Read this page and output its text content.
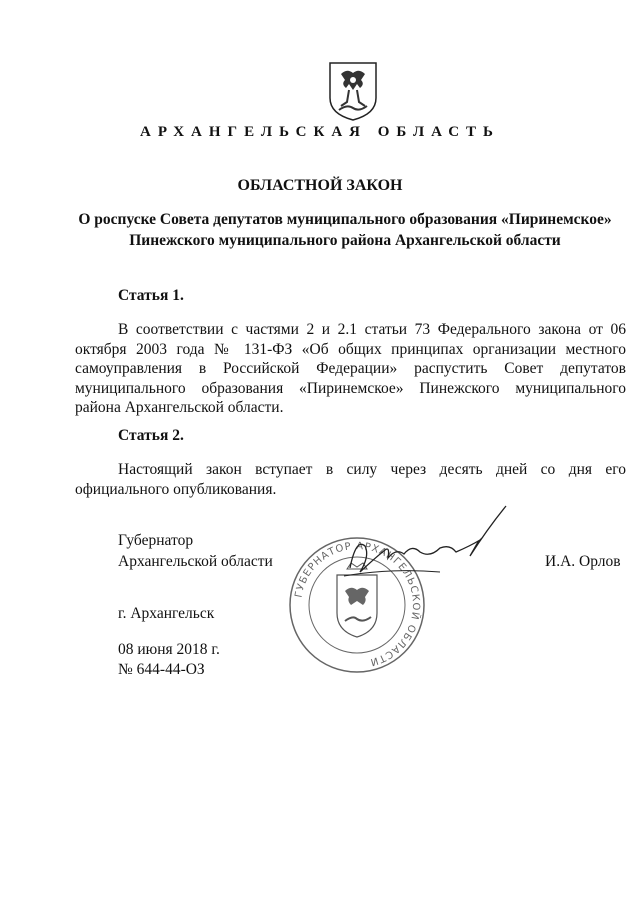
АРХАНГЕЛЬСКАЯ ОБЛАСТЬ
ОБЛАСТНОЙ ЗАКОН
О роспуске Совета депутатов муниципального образования «Пиринемское»
Пинежского муниципального района Архангельской области
Статья 1.
В соответствии с частями 2 и 2.1 статьи 73 Федерального закона от 06 октября 2003 года № 131-ФЗ «Об общих принципах организации местного самоуправления в Российской Федерации» распустить Совет депутатов муниципального образования «Пиринемское» Пинежского муниципального района Архангельской области.
Статья 2.
Настоящий закон вступает в силу через десять дней со дня его официального опубликования.
ГУБЕРНАТОР АРХАНГЕЛЬСКОЙ ОБЛАСТИ
Губернатор
Архангельской области	И.А. Орлов
г. Архангельск
08 июня 2018 г.
№ 644-44-ОЗ
